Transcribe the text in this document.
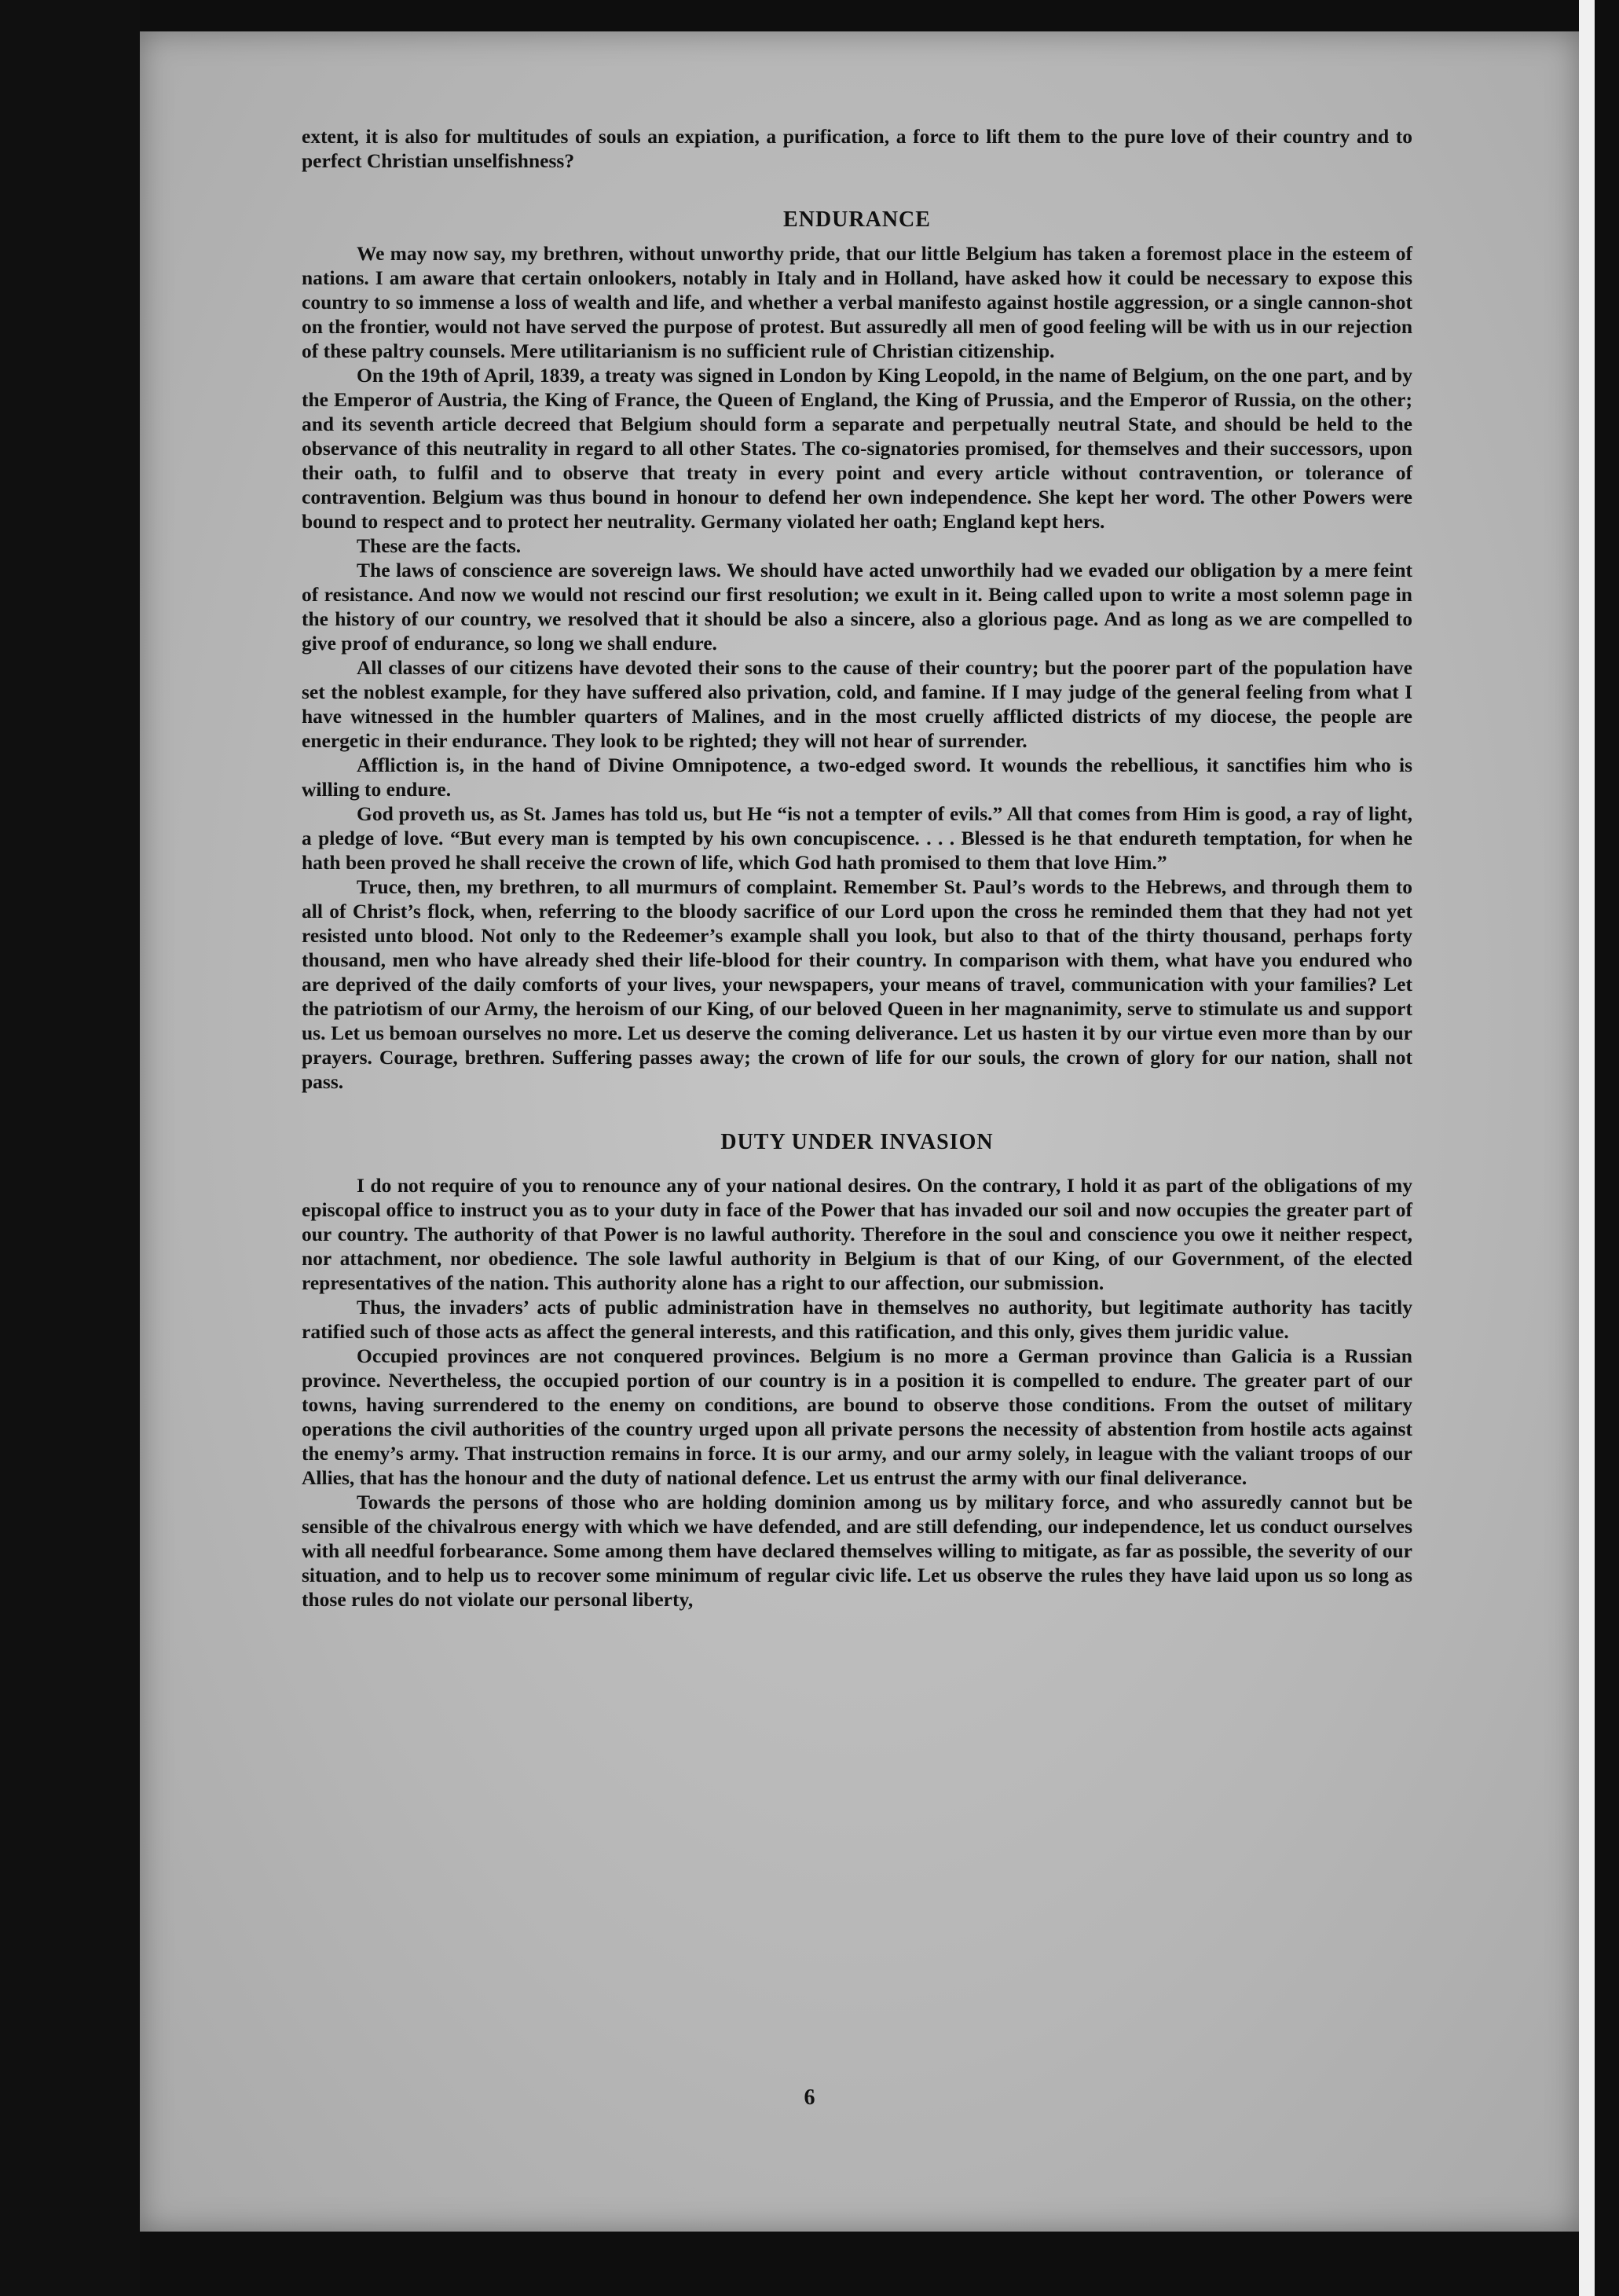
extent, it is also for multitudes of souls an expiation, a purification, a force to lift them to the pure love of their country and to perfect Christian unselfishness?

ENDURANCE

We may now say, my brethren, without unworthy pride, that our little Belgium has taken a foremost place in the esteem of nations. I am aware that certain onlookers, notably in Italy and in Holland, have asked how it could be necessary to expose this country to so immense a loss of wealth and life, and whether a verbal manifesto against hostile aggression, or a single cannon-shot on the frontier, would not have served the purpose of protest. But assuredly all men of good feeling will be with us in our rejection of these paltry counsels. Mere utilitarianism is no sufficient rule of Christian citizenship.

On the 19th of April, 1839, a treaty was signed in London by King Leopold, in the name of Belgium, on the one part, and by the Emperor of Austria, the King of France, the Queen of England, the King of Prussia, and the Emperor of Russia, on the other; and its seventh article decreed that Belgium should form a separate and perpetually neutral State, and should be held to the observance of this neutrality in regard to all other States. The co-signatories promised, for themselves and their successors, upon their oath, to fulfil and to observe that treaty in every point and every article without contravention, or tolerance of contravention. Belgium was thus bound in honour to defend her own independence. She kept her word. The other Powers were bound to respect and to protect her neutrality. Germany violated her oath; England kept hers.

These are the facts.

The laws of conscience are sovereign laws. We should have acted unworthily had we evaded our obligation by a mere feint of resistance. And now we would not rescind our first resolution; we exult in it. Being called upon to write a most solemn page in the history of our country, we resolved that it should be also a sincere, also a glorious page. And as long as we are compelled to give proof of endurance, so long we shall endure.

All classes of our citizens have devoted their sons to the cause of their country; but the poorer part of the population have set the noblest example, for they have suffered also privation, cold, and famine. If I may judge of the general feeling from what I have witnessed in the humbler quarters of Malines, and in the most cruelly afflicted districts of my diocese, the people are energetic in their endurance. They look to be righted; they will not hear of surrender.

Affliction is, in the hand of Divine Omnipotence, a two-edged sword. It wounds the rebellious, it sanctifies him who is willing to endure.

God proveth us, as St. James has told us, but He “is not a tempter of evils.” All that comes from Him is good, a ray of light, a pledge of love. “But every man is tempted by his own concupiscence. . . . Blessed is he that endureth temptation, for when he hath been proved he shall receive the crown of life, which God hath promised to them that love Him.”

Truce, then, my brethren, to all murmurs of complaint. Remember St. Paul’s words to the Hebrews, and through them to all of Christ’s flock, when, referring to the bloody sacrifice of our Lord upon the cross he reminded them that they had not yet resisted unto blood. Not only to the Redeemer’s example shall you look, but also to that of the thirty thousand, perhaps forty thousand, men who have already shed their life-blood for their country. In comparison with them, what have you endured who are deprived of the daily comforts of your lives, your newspapers, your means of travel, communication with your families? Let the patriotism of our Army, the heroism of our King, of our beloved Queen in her magnanimity, serve to stimulate us and support us. Let us bemoan ourselves no more. Let us deserve the coming deliverance. Let us hasten it by our virtue even more than by our prayers. Courage, brethren. Suffering passes away; the crown of life for our souls, the crown of glory for our nation, shall not pass.

DUTY UNDER INVASION

I do not require of you to renounce any of your national desires. On the contrary, I hold it as part of the obligations of my episcopal office to instruct you as to your duty in face of the Power that has invaded our soil and now occupies the greater part of our country. The authority of that Power is no lawful authority. Therefore in the soul and conscience you owe it neither respect, nor attachment, nor obedience. The sole lawful authority in Belgium is that of our King, of our Government, of the elected representatives of the nation. This authority alone has a right to our affection, our submission.

Thus, the invaders’ acts of public administration have in themselves no authority, but legitimate authority has tacitly ratified such of those acts as affect the general interests, and this ratification, and this only, gives them juridic value.

Occupied provinces are not conquered provinces. Belgium is no more a German province than Galicia is a Russian province. Nevertheless, the occupied portion of our country is in a position it is compelled to endure. The greater part of our towns, having surrendered to the enemy on conditions, are bound to observe those conditions. From the outset of military operations the civil authorities of the country urged upon all private persons the necessity of abstention from hostile acts against the enemy’s army. That instruction remains in force. It is our army, and our army solely, in league with the valiant troops of our Allies, that has the honour and the duty of national defence. Let us entrust the army with our final deliverance.

Towards the persons of those who are holding dominion among us by military force, and who assuredly cannot but be sensible of the chivalrous energy with which we have defended, and are still defending, our independence, let us conduct ourselves with all needful forbearance. Some among them have declared themselves willing to mitigate, as far as possible, the severity of our situation, and to help us to recover some minimum of regular civic life. Let us observe the rules they have laid upon us so long as those rules do not violate our personal liberty,

6
